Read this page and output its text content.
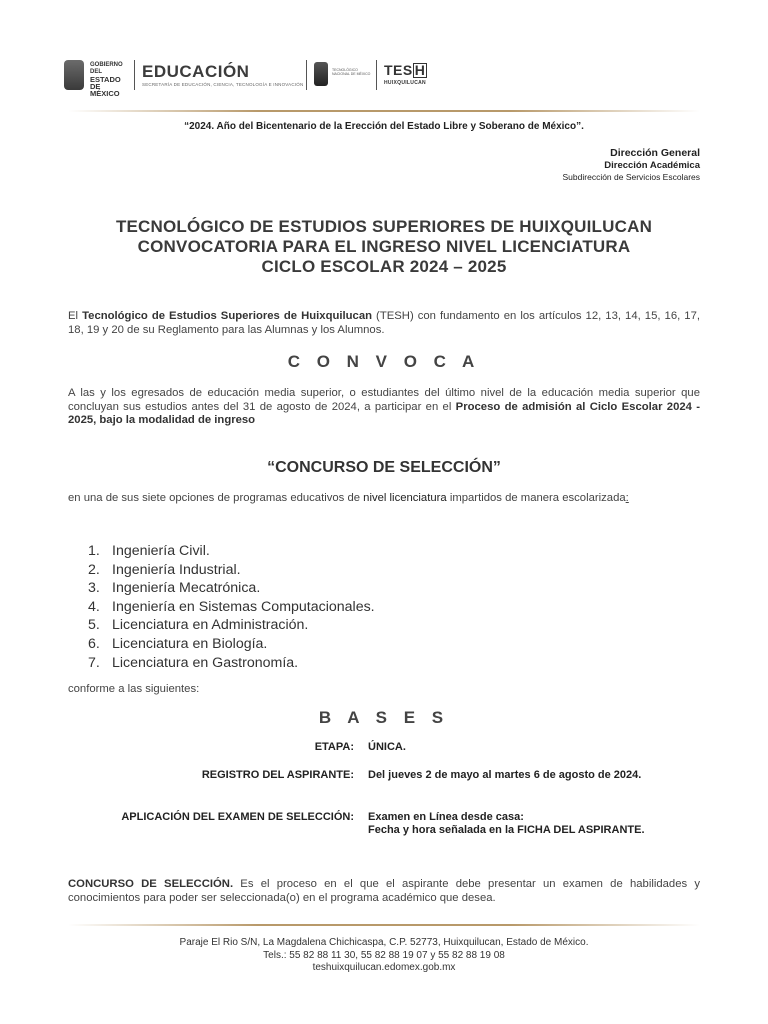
GOBIERNO DEL
ESTADO DE
MÉXICO
EDUCACIÓN
SECRETARÍA DE EDUCACIÓN, CIENCIA, TECNOLOGÍA E INNOVACIÓN
TECNOLÓGICO NACIONAL DE MÉXICO TES H
HUIXQUILUCAN
“2024. Año del Bicentenario de la Erección del Estado Libre y Soberano de México”.
Dirección General
Dirección Académica
Subdirección de Servicios Escolares
TECNOLÓGICO DE ESTUDIOS SUPERIORES DE HUIXQUILUCAN
CONVOCATORIA PARA EL INGRESO NIVEL LICENCIATURA
CICLO ESCOLAR 2024 – 2025
El Tecnológico de Estudios Superiores de Huixquilucan (TESH) con fundamento en los artículos 12, 13, 14, 15, 16, 17, 18, 19 y 20 de su Reglamento para las Alumnas y los Alumnos.
C O N V O C A
A las y los egresados de educación media superior, o estudiantes del último nivel de la educación media superior que concluyan sus estudios antes del 31 de agosto de 2024, a participar en el Proceso de admisión al Ciclo Escolar 2024 - 2025, bajo la modalidad de ingreso
“CONCURSO DE SELECCIÓN”
en una de sus siete opciones de programas educativos de nivel licenciatura impartidos de manera escolarizada:
1. Ingeniería Civil.
2. Ingeniería Industrial.
3. Ingeniería Mecatrónica.
4. Ingeniería en Sistemas Computacionales.
5. Licenciatura en Administración.
6. Licenciatura en Biología.
7. Licenciatura en Gastronomía.
conforme a las siguientes:
B A S E S
ETAPA: ÚNICA.
REGISTRO DEL ASPIRANTE: Del jueves 2 de mayo al martes 6 de agosto de 2024.
APLICACIÓN DEL EXAMEN DE SELECCIÓN: Examen en Línea desde casa:
Fecha y hora señalada en la FICHA DEL ASPIRANTE.
CONCURSO DE SELECCIÓN. Es el proceso en el que el aspirante debe presentar un examen de habilidades y conocimientos para poder ser seleccionada(o) en el programa académico que desea.
Paraje El Rio S/N, La Magdalena Chichicaspa, C.P. 52773, Huixquilucan, Estado de México.
Tels.: 55 82 88 11 30, 55 82 88 19 07 y 55 82 88 19 08
teshuixquilucan.edomex.gob.mx
